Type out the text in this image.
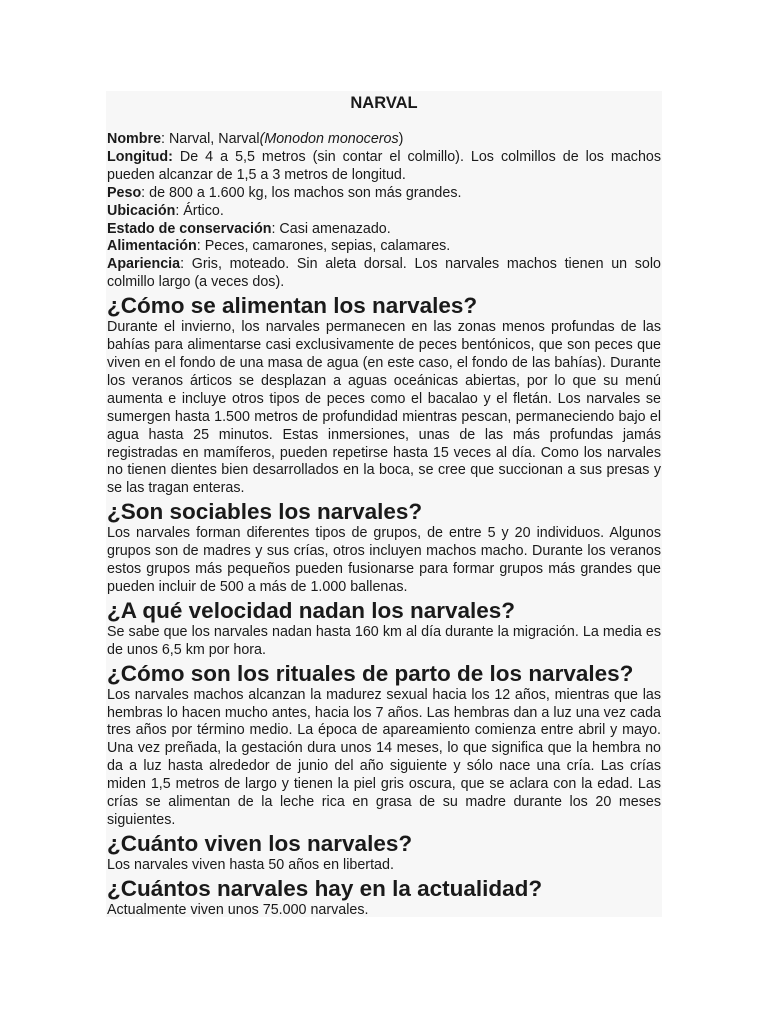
NARVAL

Nombre: Narval, Narval(Monodon monoceros)

Longitud: De 4 a 5,5 metros (sin contar el colmillo). Los colmillos de los machos pueden alcanzar de 1,5 a 3 metros de longitud.

Peso: de 800 a 1.600 kg, los machos son más grandes.

Ubicación: Ártico.

Estado de conservación: Casi amenazado.

Alimentación: Peces, camarones, sepias, calamares.

Apariencia: Gris, moteado. Sin aleta dorsal. Los narvales machos tienen un solo colmillo largo (a veces dos).

¿Cómo se alimentan los narvales?

Durante el invierno, los narvales permanecen en las zonas menos profundas de las bahías para alimentarse casi exclusivamente de peces bentónicos, que son peces que viven en el fondo de una masa de agua (en este caso, el fondo de las bahías). Durante los veranos árticos se desplazan a aguas oceánicas abiertas, por lo que su menú aumenta e incluye otros tipos de peces como el bacalao y el fletán. Los narvales se sumergen hasta 1.500 metros de profundidad mientras pescan, permaneciendo bajo el agua hasta 25 minutos. Estas inmersiones, unas de las más profundas jamás registradas en mamíferos, pueden repetirse hasta 15 veces al día. Como los narvales no tienen dientes bien desarrollados en la boca, se cree que succionan a sus presas y se las tragan enteras.

¿Son sociables los narvales?

Los narvales forman diferentes tipos de grupos, de entre 5 y 20 individuos. Algunos grupos son de madres y sus crías, otros incluyen machos macho. Durante los veranos estos grupos más pequeños pueden fusionarse para formar grupos más grandes que pueden incluir de 500 a más de 1.000 ballenas.

¿A qué velocidad nadan los narvales?

Se sabe que los narvales nadan hasta 160 km al día durante la migración. La media es de unos 6,5 km por hora.

¿Cómo son los rituales de parto de los narvales?

Los narvales machos alcanzan la madurez sexual hacia los 12 años, mientras que las hembras lo hacen mucho antes, hacia los 7 años. Las hembras dan a luz una vez cada tres años por término medio. La época de apareamiento comienza entre abril y mayo. Una vez preñada, la gestación dura unos 14 meses, lo que significa que la hembra no da a luz hasta alrededor de junio del año siguiente y sólo nace una cría. Las crías miden 1,5 metros de largo y tienen la piel gris oscura, que se aclara con la edad. Las crías se alimentan de la leche rica en grasa de su madre durante los 20 meses siguientes.

¿Cuánto viven los narvales?

Los narvales viven hasta 50 años en libertad.

¿Cuántos narvales hay en la actualidad?

Actualmente viven unos 75.000 narvales.
